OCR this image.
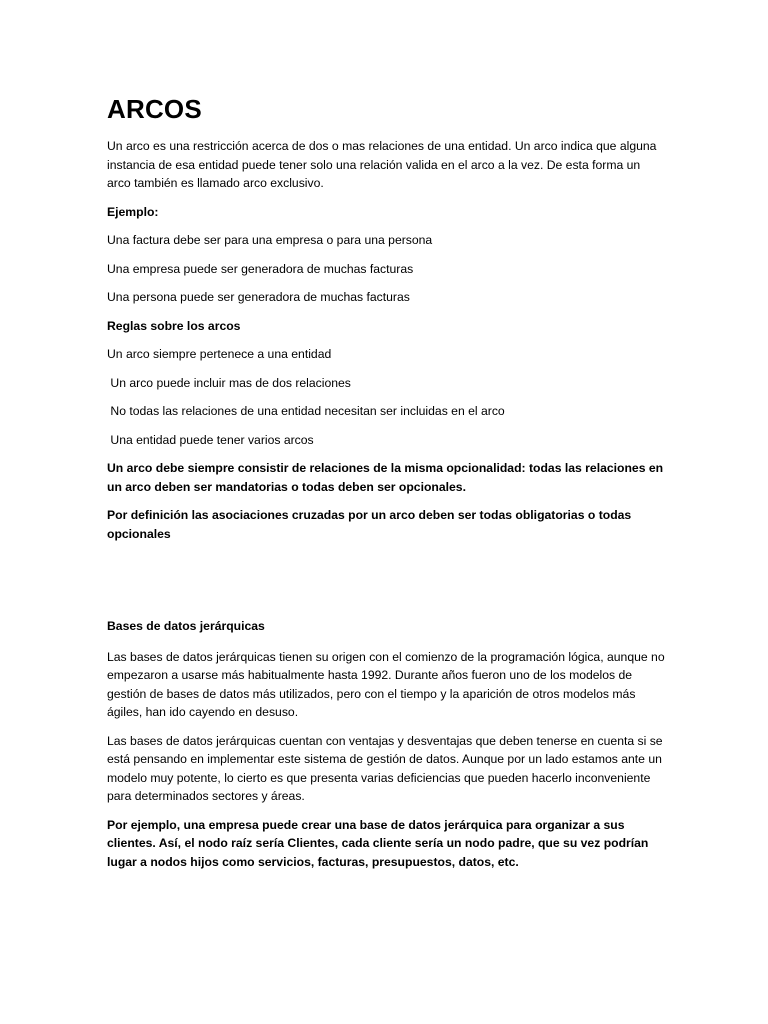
ARCOS

Un arco es una restricción acerca de dos o mas relaciones de una entidad. Un arco indica que alguna instancia de esa entidad puede tener solo una relación valida en el arco a la vez. De esta forma un arco también es llamado arco exclusivo.

Ejemplo:

Una factura debe ser para una empresa o para una persona

Una empresa puede ser generadora de muchas facturas

Una persona puede ser generadora de muchas facturas

Reglas sobre los arcos

Un arco siempre pertenece a una entidad

Un arco puede incluir mas de dos relaciones

No todas las relaciones de una entidad necesitan ser incluidas en el arco

Una entidad puede tener varios arcos

Un arco debe siempre consistir de relaciones de la misma opcionalidad: todas las relaciones en un arco deben ser mandatorias o todas deben ser opcionales.

Por definición las asociaciones cruzadas por un arco deben ser todas obligatorias o todas opcionales

Bases de datos jerárquicas

Las bases de datos jerárquicas tienen su origen con el comienzo de la programación lógica, aunque no empezaron a usarse más habitualmente hasta 1992. Durante años fueron uno de los modelos de gestión de bases de datos más utilizados, pero con el tiempo y la aparición de otros modelos más ágiles, han ido cayendo en desuso.

Las bases de datos jerárquicas cuentan con ventajas y desventajas que deben tenerse en cuenta si se está pensando en implementar este sistema de gestión de datos. Aunque por un lado estamos ante un modelo muy potente, lo cierto es que presenta varias deficiencias que pueden hacerlo inconveniente para determinados sectores y áreas.

Por ejemplo, una empresa puede crear una base de datos jerárquica para organizar a sus clientes. Así, el nodo raíz sería Clientes, cada cliente sería un nodo padre, que su vez podrían lugar a nodos hijos como servicios, facturas, presupuestos, datos, etc.
